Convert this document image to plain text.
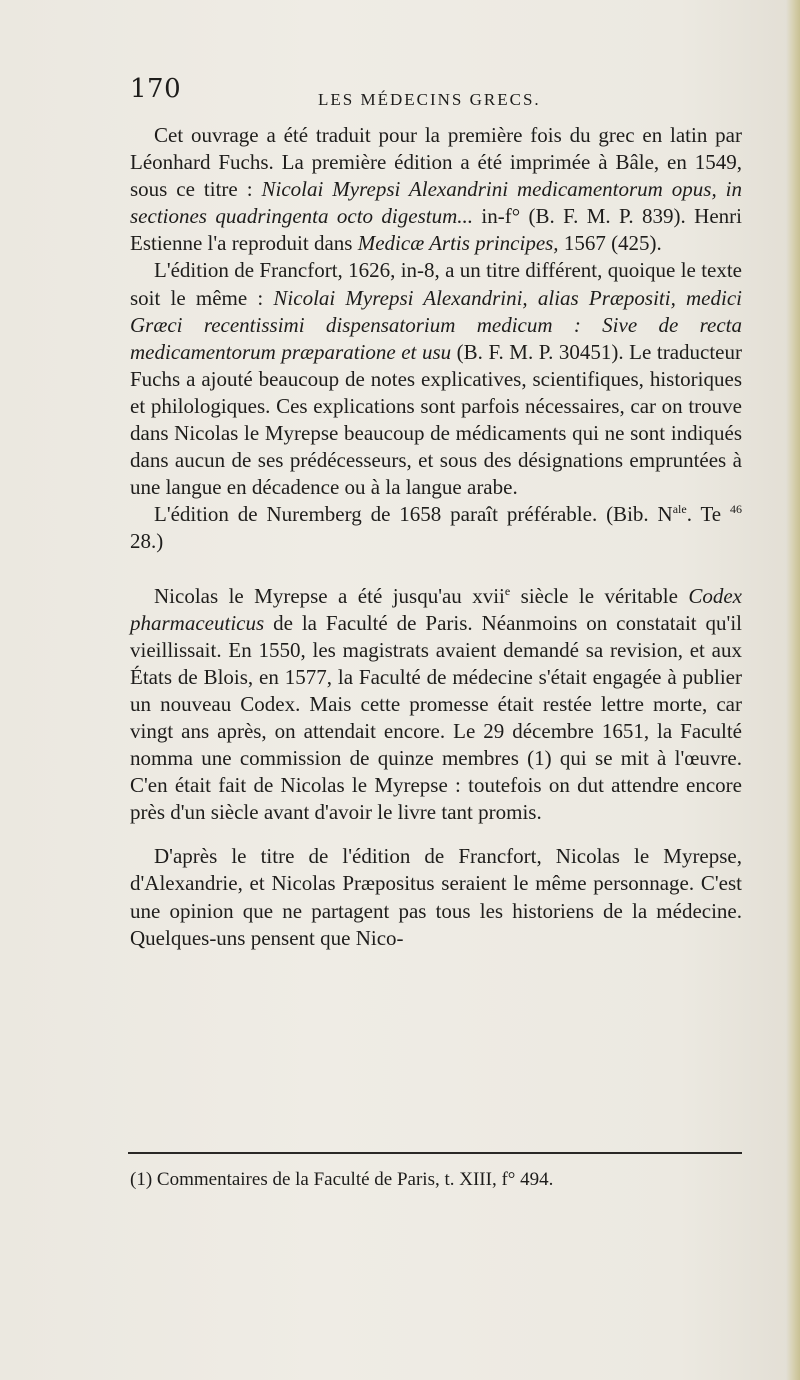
170	LES MÉDECINS GRECS.

Cet ouvrage a été traduit pour la première fois du grec en latin par Léonhard Fuchs. La première édition a été imprimée à Bâle, en 1549, sous ce titre : Nicolai Myrepsi Alexandrini medicamentorum opus, in sectiones quadringenta octo digestum... in-f° (B. F. M. P. 839). Henri Estienne l'a reproduit dans Medicæ Artis principes, 1567 (425).

L'édition de Francfort, 1626, in-8, a un titre différent, quoique le texte soit le même : Nicolai Myrepsi Alexandrini, alias Præpositi, medici Græci recentissimi dispensatorium medicum : Sive de recta medicamentorum præparatione et usu (B. F. M. P. 30451). Le traducteur Fuchs a ajouté beaucoup de notes explicatives, scientifiques, historiques et philologiques. Ces explications sont parfois nécessaires, car on trouve dans Nicolas le Myrepse beaucoup de médicaments qui ne sont indiqués dans aucun de ses prédécesseurs, et sous des désignations empruntées à une langue en décadence ou à la langue arabe.

L'édition de Nuremberg de 1658 paraît préférable. (Bib. $N^{ale}$. Te $^{46}$ 28.)

Nicolas le Myrepse a été jusqu'au xvii$^e$ siècle le véritable Codex pharmaceuticus de la Faculté de Paris. Néanmoins on constatait qu'il vieillissait. En 1550, les magistrats avaient demandé sa revision, et aux États de Blois, en 1577, la Faculté de médecine s'était engagée à publier un nouveau Codex. Mais cette promesse était restée lettre morte, car vingt ans après, on attendait encore. Le 29 décembre 1651, la Faculté nomma une commission de quinze membres (1) qui se mit à l'œuvre. C'en était fait de Nicolas le Myrepse : toutefois on dut attendre encore près d'un siècle avant d'avoir le livre tant promis.

D'après le titre de l'édition de Francfort, Nicolas le Myrepse, d'Alexandrie, et Nicolas Præpositus seraient le même personnage. C'est une opinion que ne partagent pas tous les historiens de la médecine. Quelques-uns pensent que Nico-

(1) Commentaires de la Faculté de Paris, t. XIII, f° 494.
